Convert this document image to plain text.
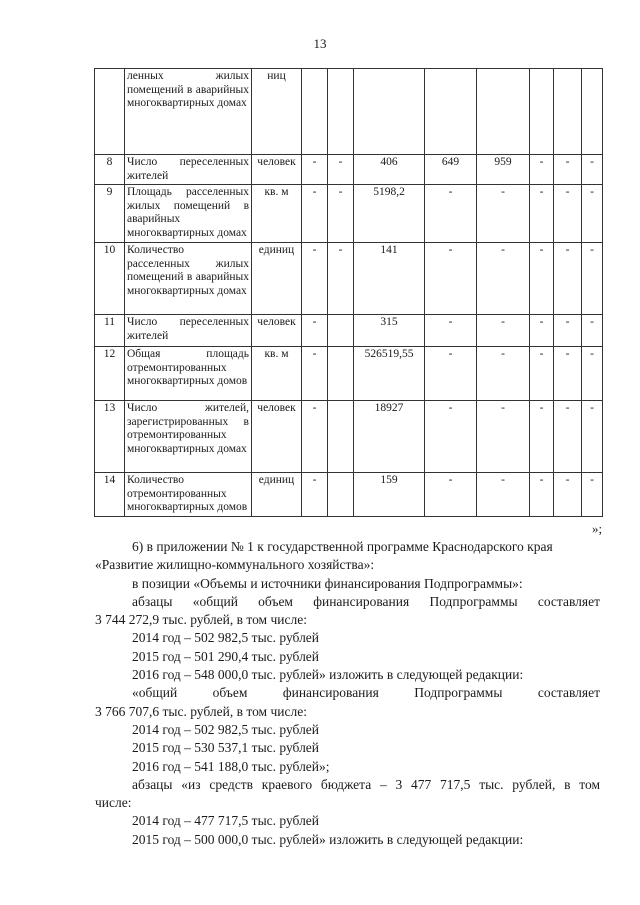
13
	ленных жилых помещений в аварийных многоквартирных домах	ниц								
8	Число переселенных жителей	человек	-	-	406	649	959	-	-	-
9	Площадь расселенных жилых помещений в аварийных многоквартирных домах	кв. м	-	-	5198,2	-	-	-	-	-
10	Количество расселенных жилых помещений в аварийных многоквартирных домах	единиц	-	-	141	-	-	-	-	-
11	Число переселенных жителей	человек	-		315	-	-	-	-	-
12	Общая площадь отремонтированных многоквартирных домов	кв. м	-		526519,55	-	-	-	-	-
13	Число жителей, зарегистрированных в отремонтированных многоквартирных домах	человек	-		18927	-	-	-	-	-
14	Количество отремонтированных многоквартирных домов	единиц	-		159	-	-	-	-	-
»;
6) в приложении № 1 к государственной программе Краснодарского края
«Развитие жилищно-коммунального хозяйства»:
в позиции «Объемы и источники финансирования Подпрограммы»:
абзацы «общий объем финансирования Подпрограммы составляет
3 744 272,9 тыс. рублей, в том числе:
2014 год – 502 982,5 тыс. рублей
2015 год – 501 290,4 тыс. рублей
2016 год – 548 000,0 тыс. рублей» изложить в следующей редакции:
«общий объем финансирования Подпрограммы составляет
3 766 707,6 тыс. рублей, в том числе:
2014 год – 502 982,5 тыс. рублей
2015 год – 530 537,1 тыс. рублей
2016 год – 541 188,0 тыс. рублей»;
абзацы «из средств краевого бюджета – 3 477 717,5 тыс. рублей, в том
числе:
2014 год – 477 717,5 тыс. рублей
2015 год – 500 000,0 тыс. рублей» изложить в следующей редакции:
